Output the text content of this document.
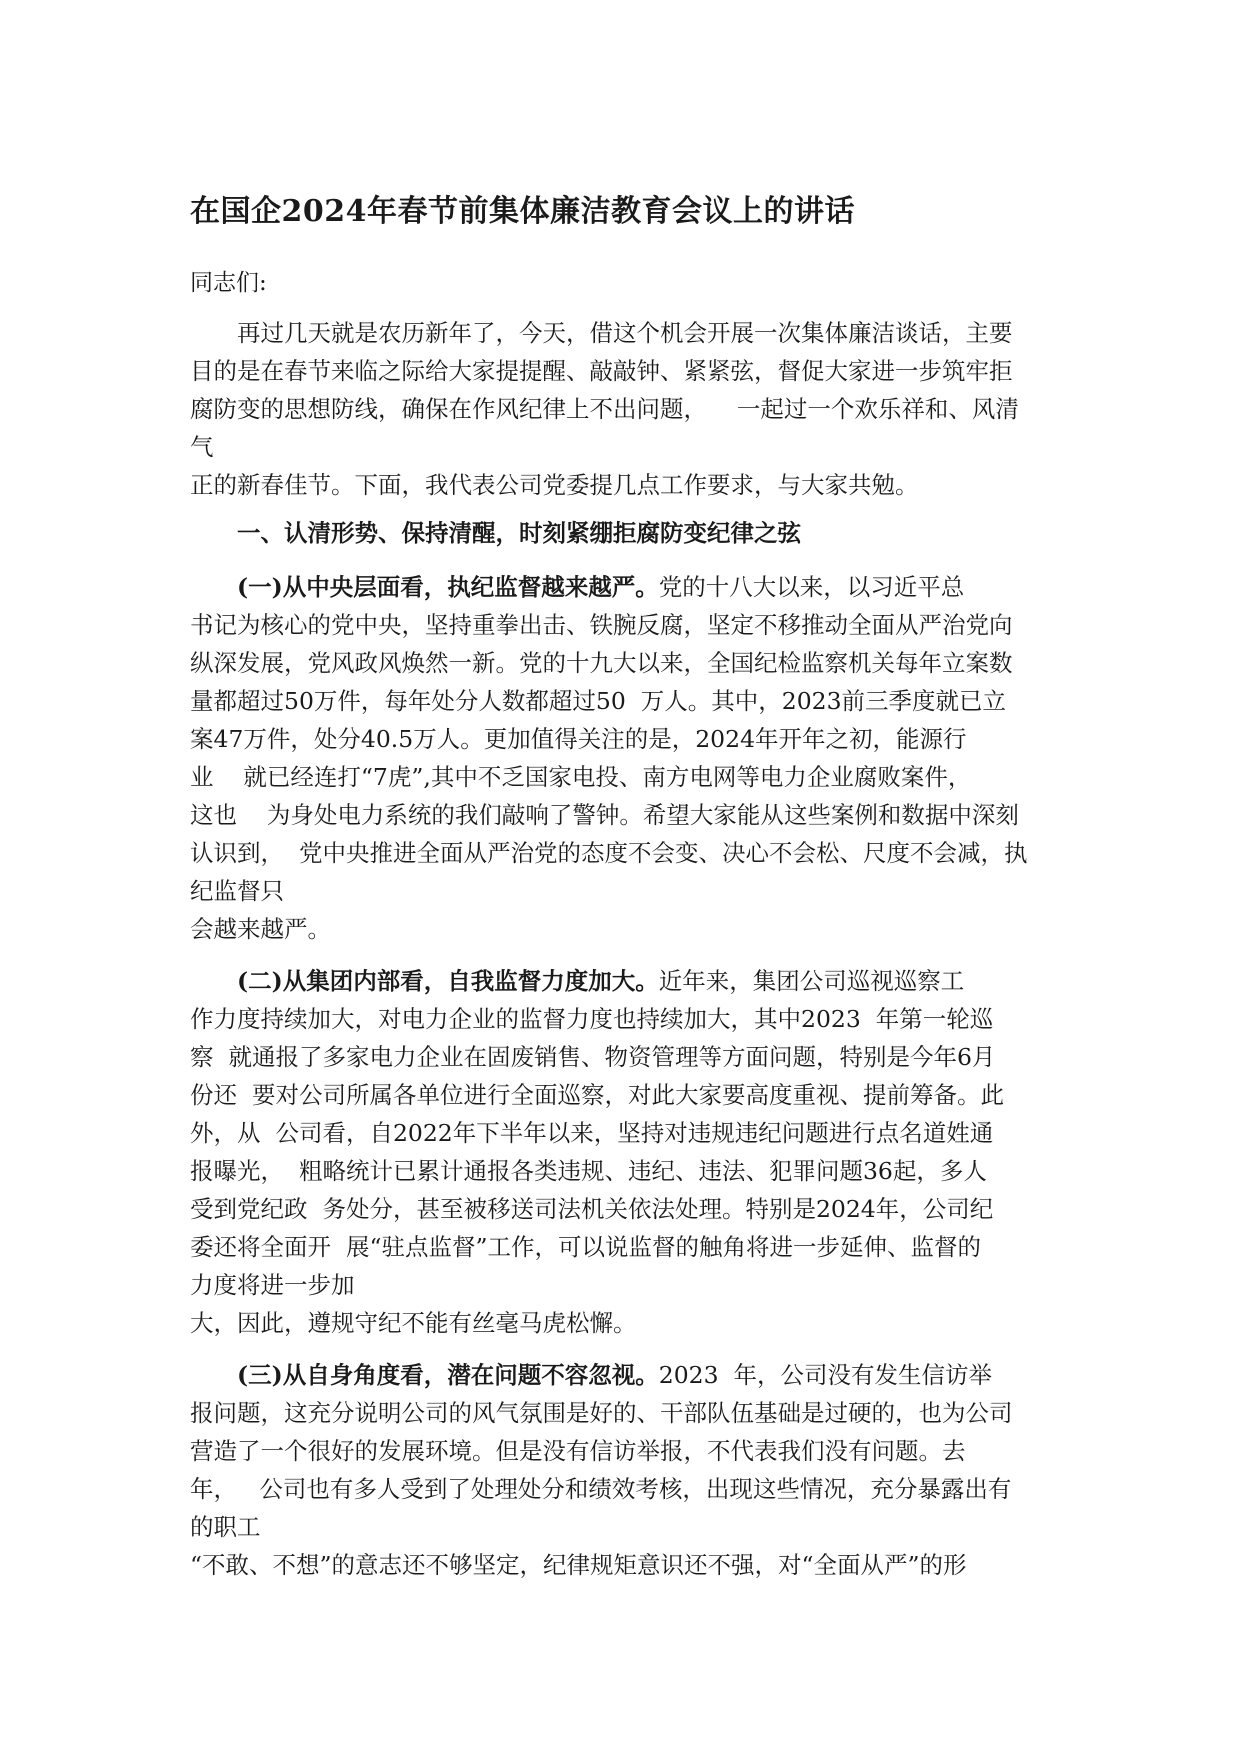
在国企2024年春节前集体廉洁教育会议上的讲话

同志们:

再过几天就是农历新年了，今天，借这个机会开展一次集体廉洁谈话，主要
目的是在春节来临之际给大家提提醒、敲敲钟、紧紧弦，督促大家进一步筑牢拒
腐防变的思想防线，确保在作风纪律上不出问题，    一起过一个欢乐祥和、风清
气
正的新春佳节。下面，我代表公司党委提几点工作要求，与大家共勉。
一、认清形势、保持清醒，时刻紧绷拒腐防变纪律之弦
(一)从中央层面看，执纪监督越来越严。党的十八大以来，以习近平总
书记为核心的党中央，坚持重拳出击、铁腕反腐，坚定不移推动全面从严治党向
纵深发展，党风政风焕然一新。党的十九大以来，全国纪检监察机关每年立案数
量都超过50万件，每年处分人数都超过50  万人。其中，2023前三季度就已立
案47万件，处分40.5万人。更加值得关注的是，2024年开年之初，能源行
业    就已经连打“7虎”,其中不乏国家电投、南方电网等电力企业腐败案件，
这也    为身处电力系统的我们敲响了警钟。希望大家能从这些案例和数据中深刻
认识到，  党中央推进全面从严治党的态度不会变、决心不会松、尺度不会减，执
纪监督只
会越来越严。
(二)从集团内部看，自我监督力度加大。近年来，集团公司巡视巡察工
作力度持续加大，对电力企业的监督力度也持续加大，其中2023  年第一轮巡
察  就通报了多家电力企业在固废销售、物资管理等方面问题，特别是今年6月
份还  要对公司所属各单位进行全面巡察，对此大家要高度重视、提前筹备。此
外，从  公司看，自2022年下半年以来，坚持对违规违纪问题进行点名道姓通
报曝光，  粗略统计已累计通报各类违规、违纪、违法、犯罪问题36起，多人
受到党纪政  务处分，甚至被移送司法机关依法处理。特别是2024年，公司纪
委还将全面开  展“驻点监督”工作，可以说监督的触角将进一步延伸、监督的
力度将进一步加
大，因此，遵规守纪不能有丝毫马虎松懈。
(三)从自身角度看，潜在问题不容忽视。2023  年，公司没有发生信访举
报问题，这充分说明公司的风气氛围是好的、干部队伍基础是过硬的，也为公司
营造了一个很好的发展环境。但是没有信访举报，不代表我们没有问题。去
年，   公司也有多人受到了处理处分和绩效考核，出现这些情况，充分暴露出有
的职工
“不敢、不想”的意志还不够坚定，纪律规矩意识还不强，对“全面从严”的形
